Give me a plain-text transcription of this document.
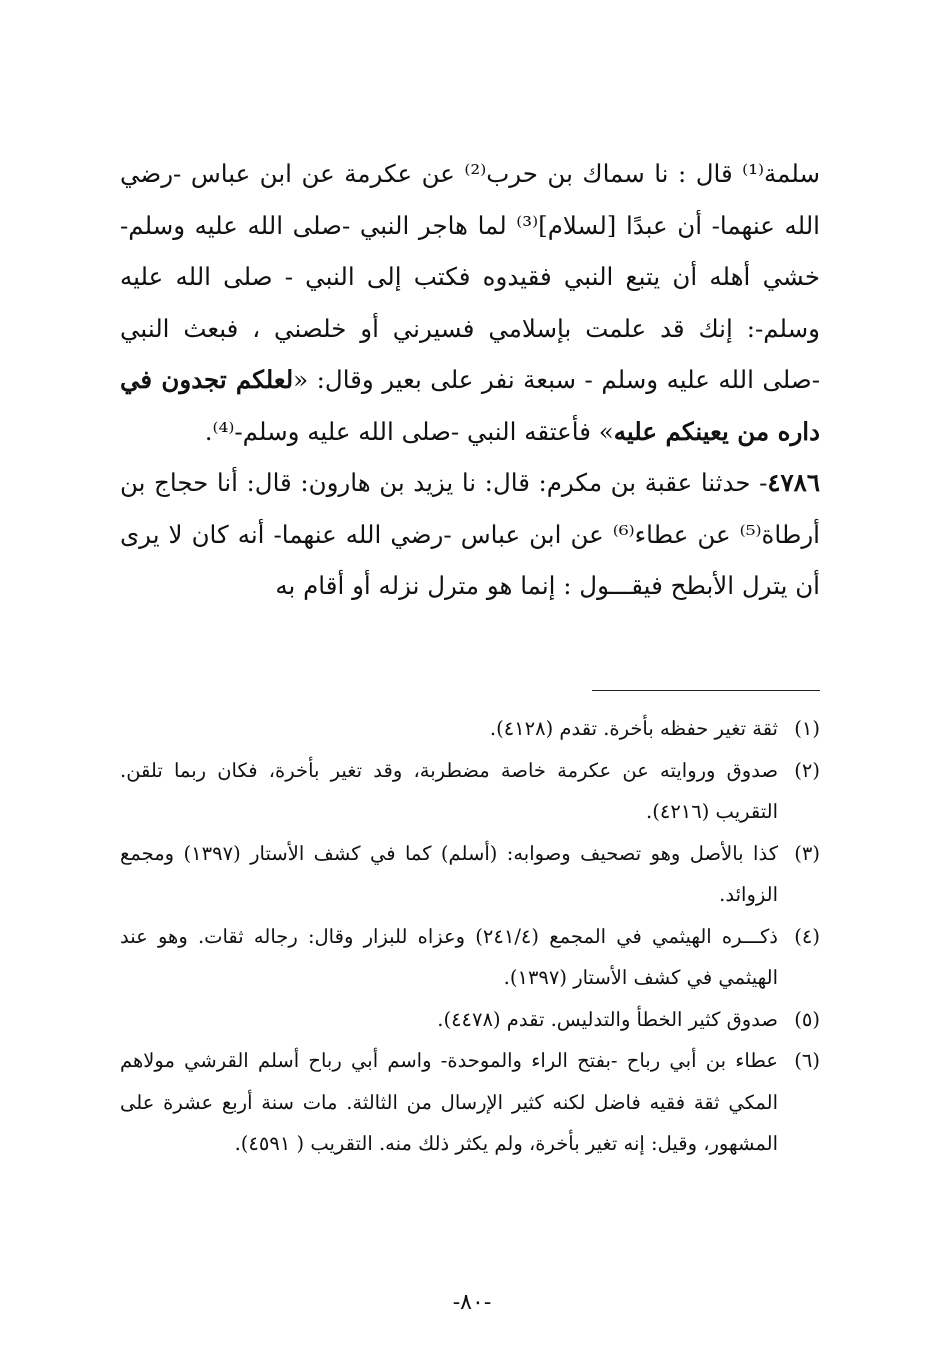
سلمة⁽¹⁾ قال : نا سماك بن حرب⁽²⁾ عن عكرمة عن ابن عباس -رضي الله عنهما- أن عبدًا [لسلام]⁽³⁾ لما هاجر النبي -صلى الله عليه وسلم- خشي أهله أن يتبع النبي فقيدوه فكتب إلى النبي - صلى الله عليه وسلم-: إنك قد علمت بإسلامي فسيرني أو خلصني ، فبعث النبي -صلى الله عليه وسلم - سبعة نفر على بعير وقال: «لعلكم تجدون في داره من يعينكم عليه» فأعتقه النبي -صلى الله عليه وسلم-⁽⁴⁾.

٤٧٨٦- حدثنا عقبة بن مكرم: قال: نا يزيد بن هارون: قال: أنا حجاج بن أرطاة⁽⁵⁾ عن عطاء⁽⁶⁾ عن ابن عباس -رضي الله عنهما- أنه كان لا يرى أن يترل الأبطح فيقـــول : إنما هو مترل نزله أو أقام به

(١)
ثقة تغير حفظه بأخرة. تقدم (٤١٢٨).
(٢)
صدوق وروايته عن عكرمة خاصة مضطربة، وقد تغير بأخرة، فكان ربما تلقن. التقريب (٤٢١٦).
(٣)
كذا بالأصل وهو تصحيف وصوابه: (أسلم) كما في كشف الأستار (١٣٩٧) ومجمع الزوائد.
(٤)
ذكـــره الهيثمي في المجمع (٢٤١/٤) وعزاه للبزار وقال: رجاله ثقات. وهو عند الهيثمي في كشف الأستار (١٣٩٧).
(٥)
صدوق كثير الخطأ والتدليس. تقدم (٤٤٧٨).
(٦)
عطاء بن أبي رباح -بفتح الراء والموحدة- واسم أبي رباح أسلم القرشي مولاهم المكي ثقة فقيه فاضل لكنه كثير الإرسال من الثالثة. مات سنة أربع عشرة على المشهور، وقيل: إنه تغير بأخرة، ولم يكثر ذلك منه. التقريب ( ٤٥٩١).
-٨٠-
